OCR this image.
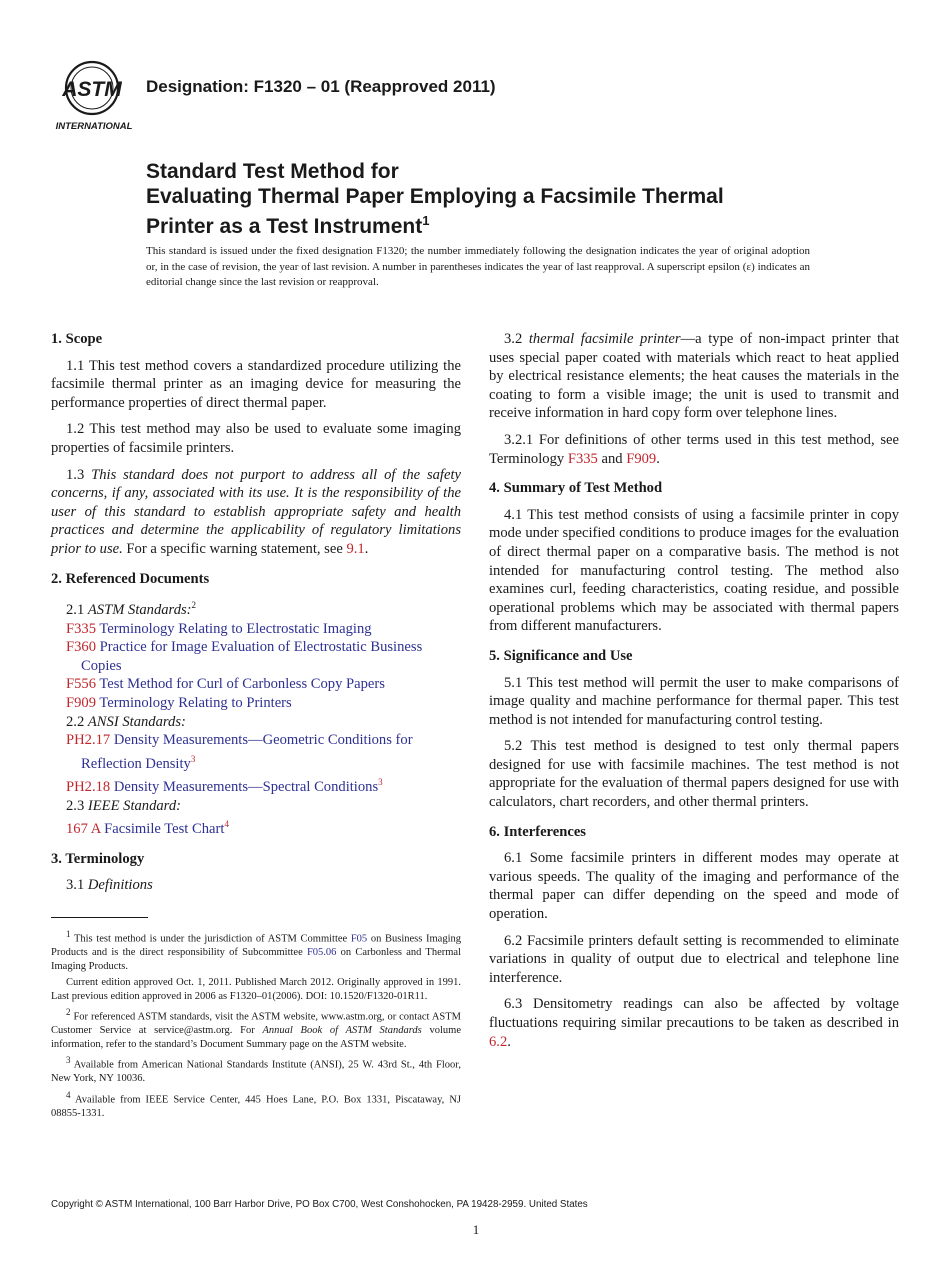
ASTM
INTERNATIONAL
Designation: F1320 – 01 (Reapproved 2011)
Standard Test Method for
Evaluating Thermal Paper Employing a Facsimile Thermal
Printer as a Test Instrument$^1$
This standard is issued under the fixed designation F1320; the number immediately following the designation indicates the year of original adoption or, in the case of revision, the year of last revision. A number in parentheses indicates the year of last reapproval. A superscript epsilon (ε) indicates an editorial change since the last revision or reapproval.
1. Scope

1.1 This test method covers a standardized procedure utilizing the facsimile thermal printer as an imaging device for measuring the performance properties of direct thermal paper.

1.2 This test method may also be used to evaluate some imaging properties of facsimile printers.

1.3 This standard does not purport to address all of the safety concerns, if any, associated with its use. It is the responsibility of the user of this standard to establish appropriate safety and health practices and determine the applicability of regulatory limitations prior to use. For a specific warning statement, see 9.1.

2. Referenced Documents
2.1 ASTM Standards:$^2$
F335 Terminology Relating to Electrostatic Imaging
F360 Practice for Image Evaluation of Electrostatic Business Copies
F556 Test Method for Curl of Carbonless Copy Papers
F909 Terminology Relating to Printers
2.2 ANSI Standards:
PH2.17 Density Measurements—Geometric Conditions for Reflection Density$^3$
PH2.18 Density Measurements—Spectral Conditions$^3$
2.3 IEEE Standard:
167 A Facsimile Test Chart$^4$
3. Terminology
3.1 Definitions

$^1$ This test method is under the jurisdiction of ASTM Committee F05 on Business Imaging Products and is the direct responsibility of Subcommittee F05.06 on Carbonless and Thermal Imaging Products.

Current edition approved Oct. 1, 2011. Published March 2012. Originally approved in 1991. Last previous edition approved in 2006 as F1320–01(2006). DOI: 10.1520/F1320-01R11.

$^2$ For referenced ASTM standards, visit the ASTM website, www.astm.org, or contact ASTM Customer Service at service@astm.org. For Annual Book of ASTM Standards volume information, refer to the standard’s Document Summary page on the ASTM website.

$^3$ Available from American National Standards Institute (ANSI), 25 W. 43rd St., 4th Floor, New York, NY 10036.

$^4$ Available from IEEE Service Center, 445 Hoes Lane, P.O. Box 1331, Piscataway, NJ 08855-1331.

3.2 thermal facsimile printer—a type of non-impact printer that uses special paper coated with materials which react to heat applied by electrical resistance elements; the heat causes the materials in the coating to form a visible image; the unit is used to transmit and receive information in hard copy form over telephone lines.

3.2.1 For definitions of other terms used in this test method, see Terminology F335 and F909.

4. Summary of Test Method

4.1 This test method consists of using a facsimile printer in copy mode under specified conditions to produce images for the evaluation of direct thermal paper on a comparative basis. The method is not intended for manufacturing control testing. The method also examines curl, feeding characteristics, coating residue, and possible operational problems which may be associated with thermal papers from different manufacturers.

5. Significance and Use

5.1 This test method will permit the user to make comparisons of image quality and machine performance for thermal paper. This test method is not intended for manufacturing control testing.

5.2 This test method is designed to test only thermal papers designed for use with facsimile machines. The test method is not appropriate for the evaluation of thermal papers designed for use with calculators, chart recorders, and other thermal printers.

6. Interferences

6.1 Some facsimile printers in different modes may operate at various speeds. The quality of the imaging and performance of the thermal paper can differ depending on the speed and mode of operation.

6.2 Facsimile printers default setting is recommended to eliminate variations in quality of output due to electrical and telephone line interference.

6.3 Densitometry readings can also be affected by voltage fluctuations requiring similar precautions to be taken as described in 6.2.

Copyright © ASTM International, 100 Barr Harbor Drive, PO Box C700, West Conshohocken, PA 19428-2959. United States
1
